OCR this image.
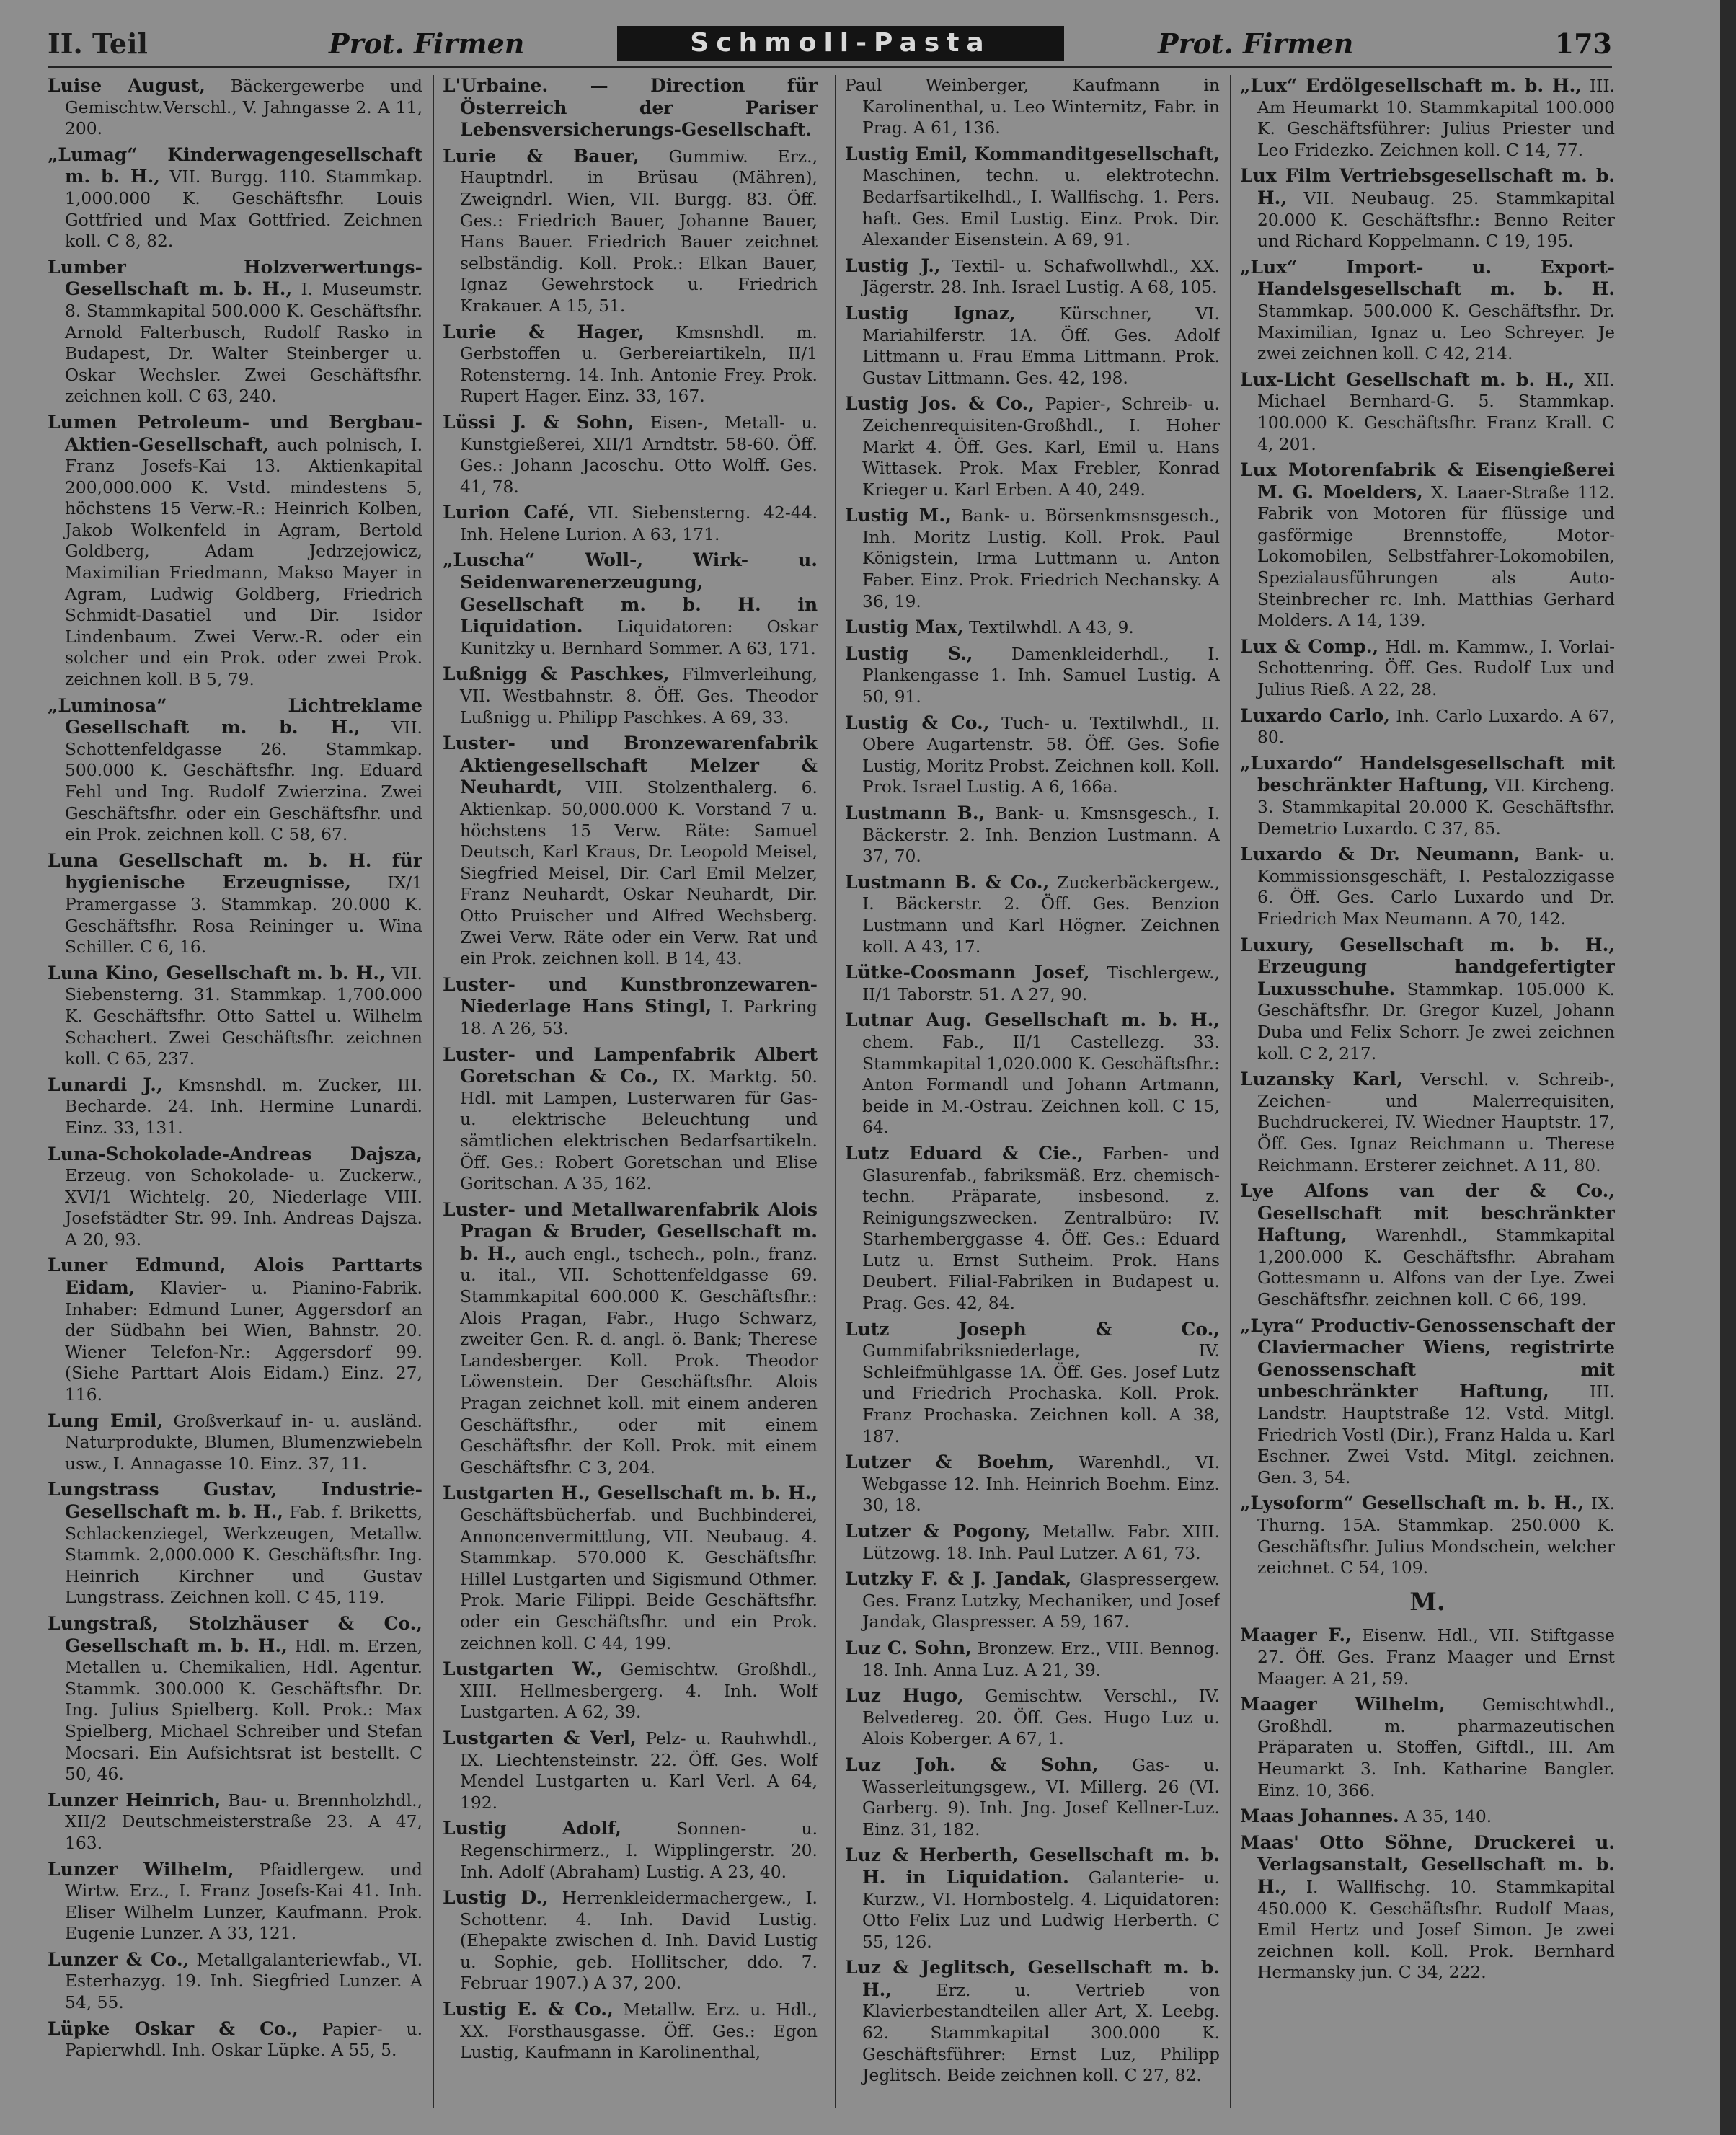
II. Teil	Prot. Firmen	Schmoll-Pasta	Prot. Firmen	173
Luise August, Bäckergewerbe und Gemischtw.Verschl., V. Jahngasse 2. A 11, 200.
„Lumag“ Kinderwagengesellschaft m. b. H., VII. Burgg. 110. Stammkap. 1,000.000 K. Geschäftsfhr. Louis Gottfried und Max Gottfried. Zeichnen koll. C 8, 82.
Lumber Holzverwertungs-Gesellschaft m. b. H., I. Museumstr. 8. Stammkapital 500.000 K. Geschäftsfhr. Arnold Falterbusch, Rudolf Rasko in Budapest, Dr. Walter Steinberger u. Oskar Wechsler. Zwei Geschäftsfhr. zeichnen koll. C 63, 240.
Lumen Petroleum- und Bergbau-Aktien-Gesellschaft, auch polnisch, I. Franz Josefs-Kai 13. Aktienkapital 200,000.000 K. Vstd. mindestens 5, höchstens 15 Verw.-R.: Heinrich Kolben, Jakob Wolkenfeld in Agram, Bertold Goldberg, Adam Jedrzejowicz, Maximilian Friedmann, Makso Mayer in Agram, Ludwig Goldberg, Friedrich Schmidt-Dasatiel und Dir. Isidor Lindenbaum. Zwei Verw.-R. oder ein solcher und ein Prok. oder zwei Prok. zeichnen koll. B 5, 79.
„Luminosa“ Lichtreklame Gesellschaft m. b. H., VII. Schottenfeldgasse 26. Stammkap. 500.000 K. Geschäftsfhr. Ing. Eduard Fehl und Ing. Rudolf Zwierzina. Zwei Geschäftsfhr. oder ein Geschäftsfhr. und ein Prok. zeichnen koll. C 58, 67.
Luna Gesellschaft m. b. H. für hygienische Erzeugnisse, IX/1 Pramergasse 3. Stammkap. 20.000 K. Geschäftsfhr. Rosa Reininger u. Wina Schiller. C 6, 16.
Luna Kino, Gesellschaft m. b. H., VII. Siebensterng. 31. Stammkap. 1,700.000 K. Geschäftsfhr. Otto Sattel u. Wilhelm Schachert. Zwei Geschäftsfhr. zeichnen koll. C 65, 237.
Lunardi J., Kmsnshdl. m. Zucker, III. Becharde. 24. Inh. Hermine Lunardi. Einz. 33, 131.
Luna-Schokolade-Andreas Dajsza, Erzeug. von Schokolade- u. Zuckerw., XVI/1 Wichtelg. 20, Niederlage VIII. Josefstädter Str. 99. Inh. Andreas Dajsza. A 20, 93.
Luner Edmund, Alois Parttarts Eidam, Klavier- u. Pianino-Fabrik. Inhaber: Edmund Luner, Aggersdorf an der Südbahn bei Wien, Bahnstr. 20. Wiener Telefon-Nr.: Aggersdorf 99. (Siehe Parttart Alois Eidam.) Einz. 27, 116.
Lung Emil, Großverkauf in- u. ausländ. Naturprodukte, Blumen, Blumenzwiebeln usw., I. Annagasse 10. Einz. 37, 11.
Lungstrass Gustav, Industrie-Gesellschaft m. b. H., Fab. f. Briketts, Schlackenziegel, Werkzeugen, Metallw. Stammk. 2,000.000 K. Geschäftsfhr. Ing. Heinrich Kirchner und Gustav Lungstrass. Zeichnen koll. C 45, 119.
Lungstraß, Stolzhäuser & Co., Gesellschaft m. b. H., Hdl. m. Erzen, Metallen u. Chemikalien, Hdl. Agentur. Stammk. 300.000 K. Geschäftsfhr. Dr. Ing. Julius Spielberg. Koll. Prok.: Max Spielberg, Michael Schreiber und Stefan Mocsari. Ein Aufsichtsrat ist bestellt. C 50, 46.
Lunzer Heinrich, Bau- u. Brennholzhdl., XII/2 Deutschmeisterstraße 23. A 47, 163.
Lunzer Wilhelm, Pfaidlergew. und Wirtw. Erz., I. Franz Josefs-Kai 41. Inh. Eliser Wilhelm Lunzer, Kaufmann. Prok. Eugenie Lunzer. A 33, 121.
Lunzer & Co., Metallgalanteriewfab., VI. Esterhazyg. 19. Inh. Siegfried Lunzer. A 54, 55.
Lüpke Oskar & Co., Papier- u. Papierwhdl. Inh. Oskar Lüpke. A 55, 5.
L'Urbaine. — Direction für Österreich der Pariser Lebensversicherungs-Gesellschaft.
Lurie & Bauer, Gummiw. Erz., Hauptndrl. in Brüsau (Mähren), Zweigndrl. Wien, VII. Burgg. 83. Öff. Ges.: Friedrich Bauer, Johanne Bauer, Hans Bauer. Friedrich Bauer zeichnet selbständig. Koll. Prok.: Elkan Bauer, Ignaz Gewehrstock u. Friedrich Krakauer. A 15, 51.
Lurie & Hager, Kmsnshdl. m. Gerbstoffen u. Gerbereiartikeln, II/1 Rotensterng. 14. Inh. Antonie Frey. Prok. Rupert Hager. Einz. 33, 167.
Lüssi J. & Sohn, Eisen-, Metall- u. Kunstgießerei, XII/1 Arndtstr. 58-60. Öff. Ges.: Johann Jacoschu. Otto Wolff. Ges. 41, 78.
Lurion Café, VII. Siebensterng. 42-44. Inh. Helene Lurion. A 63, 171.
„Luscha“ Woll-, Wirk- u. Seidenwarenerzeugung, Gesellschaft m. b. H. in Liquidation. Liquidatoren: Oskar Kunitzky u. Bernhard Sommer. A 63, 171.
Lußnigg & Paschkes, Filmverleihung, VII. Westbahnstr. 8. Öff. Ges. Theodor Lußnigg u. Philipp Paschkes. A 69, 33.
Luster- und Bronzewarenfabrik Aktiengesellschaft Melzer & Neuhardt, VIII. Stolzenthalerg. 6. Aktienkap. 50,000.000 K. Vorstand 7 u. höchstens 15 Verw. Räte: Samuel Deutsch, Karl Kraus, Dr. Leopold Meisel, Siegfried Meisel, Dir. Carl Emil Melzer, Franz Neuhardt, Oskar Neuhardt, Dir. Otto Pruischer und Alfred Wechsberg. Zwei Verw. Räte oder ein Verw. Rat und ein Prok. zeichnen koll. B 14, 43.
Luster- und Kunstbronzewaren-Niederlage Hans Stingl, I. Parkring 18. A 26, 53.
Luster- und Lampenfabrik Albert Goretschan & Co., IX. Marktg. 50. Hdl. mit Lampen, Lusterwaren für Gas- u. elektrische Beleuchtung und sämtlichen elektrischen Bedarfsartikeln. Öff. Ges.: Robert Goretschan und Elise Goritschan. A 35, 162.
Luster- und Metallwarenfabrik Alois Pragan & Bruder, Gesellschaft m. b. H., auch engl., tschech., poln., franz. u. ital., VII. Schottenfeldgasse 69. Stammkapital 600.000 K. Geschäftsfhr.: Alois Pragan, Fabr., Hugo Schwarz, zweiter Gen. R. d. angl. ö. Bank; Therese Landesberger. Koll. Prok. Theodor Löwenstein. Der Geschäftsfhr. Alois Pragan zeichnet koll. mit einem anderen Geschäftsfhr., oder mit einem Geschäftsfhr. der Koll. Prok. mit einem Geschäftsfhr. C 3, 204.
Lustgarten H., Gesellschaft m. b. H., Geschäftsbücherfab. und Buchbinderei, Annoncenvermittlung, VII. Neubaug. 4. Stammkap. 570.000 K. Geschäftsfhr. Hillel Lustgarten und Sigismund Othmer. Prok. Marie Filippi. Beide Geschäftsfhr. oder ein Geschäftsfhr. und ein Prok. zeichnen koll. C 44, 199.
Lustgarten W., Gemischtw. Großhdl., XIII. Hellmesbergerg. 4. Inh. Wolf Lustgarten. A 62, 39.
Lustgarten & Verl, Pelz- u. Rauhwhdl., IX. Liechtensteinstr. 22. Öff. Ges. Wolf Mendel Lustgarten u. Karl Verl. A 64, 192.
Lustig Adolf,	Sonnen- u. Regenschirmerz., I. Wipplingerstr. 20. Inh. Adolf (Abraham) Lustig. A 23, 40.
Lustig D., Herrenkleidermachergew., I. Schottenr. 4. Inh. David Lustig. (Ehepakte zwischen d. Inh. David Lustig u. Sophie, geb. Hollitscher, ddo. 7. Februar 1907.) A 37, 200.
Lustig E. & Co., Metallw. Erz. u. Hdl., XX. Forsthausgasse. Öff. Ges.: Egon Lustig, Kaufmann in Karolinenthal,
Paul Weinberger, Kaufmann in Karolinenthal, u. Leo Winternitz, Fabr. in Prag. A 61, 136.
Lustig Emil, Kommanditgesellschaft, Maschinen, techn. u. elektrotechn. Bedarfsartikelhdl., I. Wallfischg. 1. Pers. haft. Ges. Emil Lustig. Einz. Prok. Dir. Alexander Eisenstein. A 69, 91.
Lustig J., Textil- u. Schafwollwhdl., XX. Jägerstr. 28. Inh. Israel Lustig. A 68, 105.
Lustig Ignaz,	Kürschner, VI. Mariahilferstr. 1A. Öff. Ges. Adolf Littmann u. Frau Emma Littmann. Prok. Gustav Littmann. Ges. 42, 198.
Lustig Jos. & Co., Papier-, Schreib- u. Zeichenrequisiten-Großhdl., I. Hoher Markt 4. Öff. Ges. Karl, Emil u. Hans Wittasek. Prok. Max Frebler, Konrad Krieger u. Karl Erben. A 40, 249.
Lustig M., Bank- u. Börsenkmsnsgesch., Inh. Moritz Lustig. Koll. Prok. Paul Königstein, Irma Luttmann u. Anton Faber. Einz. Prok. Friedrich Nechansky. A 36, 19.
Lustig Max, Textilwhdl. A 43, 9.
Lustig S., Damenkleiderhdl., I. Plankengasse 1. Inh. Samuel Lustig. A 50, 91.
Lustig & Co., Tuch- u. Textilwhdl., II. Obere Augartenstr. 58. Öff. Ges. Sofie Lustig, Moritz Probst. Zeichnen koll. Koll. Prok. Israel Lustig. A 6, 166a.
Lustmann B., Bank- u. Kmsnsgesch., I. Bäckerstr. 2. Inh. Benzion Lustmann. A 37, 70.
Lustmann B. & Co., Zuckerbäckergew., I. Bäckerstr. 2. Öff. Ges. Benzion Lustmann und Karl Högner. Zeichnen koll. A 43, 17.
Lütke-Coosmann Josef, Tischlergew., II/1 Taborstr. 51. A 27, 90.
Lutnar Aug. Gesellschaft m. b. H., chem. Fab., II/1 Castellezg. 33. Stammkapital 1,020.000 K. Geschäftsfhr.: Anton Formandl und Johann Artmann, beide in M.-Ostrau. Zeichnen koll. C 15, 64.
Lutz Eduard & Cie., Farben- und Glasurenfab., fabriksmäß. Erz. chemisch-techn. Präparate, insbesond. z. Reinigungszwecken. Zentralbüro: IV. Starhemberggasse 4. Öff. Ges.: Eduard Lutz u. Ernst Sutheim. Prok. Hans Deubert. Filial-Fabriken in Budapest u. Prag. Ges. 42, 84.
Lutz Joseph & Co., Gummifabriksniederlage, IV. Schleifmühlgasse 1A. Öff. Ges. Josef Lutz und Friedrich Prochaska. Koll. Prok. Franz Prochaska. Zeichnen koll. A 38, 187.
Lutzer & Boehm, Warenhdl., VI. Webgasse 12. Inh. Heinrich Boehm. Einz. 30, 18.
Lutzer & Pogony, Metallw. Fabr. XIII. Lützowg. 18. Inh. Paul Lutzer. A 61, 73.
Lutzky F. & J. Jandak, Glaspressergew. Ges. Franz Lutzky, Mechaniker, und Josef Jandak, Glaspresser. A 59, 167.
Luz C. Sohn, Bronzew. Erz., VIII. Bennog. 18. Inh. Anna Luz. A 21, 39.
Luz Hugo, Gemischtw. Verschl., IV. Belvedereg. 20. Öff. Ges. Hugo Luz u. Alois Koberger. A 67, 1.
Luz Joh. & Sohn, Gas- u. Wasserleitungsgew., VI. Millerg. 26 (VI. Garberg. 9). Inh. Jng. Josef Kellner-Luz. Einz. 31, 182.
Luz & Herberth, Gesellschaft m. b. H. in Liquidation. Galanterie- u. Kurzw., VI. Hornbostelg. 4. Liquidatoren: Otto Felix Luz und Ludwig Herberth. C 55, 126.
Luz & Jeglitsch, Gesellschaft m. b. H.,	Erz. u. Vertrieb von Klavierbestandteilen aller Art, X. Leebg. 62. Stammkapital 300.000 K. Geschäftsführer: Ernst Luz, Philipp Jeglitsch. Beide zeichnen koll. C 27, 82.
„Lux“ Erdölgesellschaft m. b. H., III. Am Heumarkt 10. Stammkapital 100.000 K. Geschäftsführer: Julius Priester und Leo Fridezko. Zeichnen koll. C 14, 77.
Lux Film Vertriebsgesellschaft m. b. H., VII. Neubaug. 25. Stammkapital 20.000 K. Geschäftsfhr.: Benno Reiter und Richard Koppelmann. C 19, 195.
„Lux“ Import- u. Export-Handelsgesellschaft m. b. H. Stammkap. 500.000 K. Geschäftsfhr. Dr. Maximilian, Ignaz u. Leo Schreyer. Je zwei zeichnen koll. C 42, 214.
Lux-Licht Gesellschaft m. b. H., XII. Michael Bernhard-G. 5. Stammkap. 100.000 K. Geschäftsfhr. Franz Krall. C 4, 201.
Lux Motorenfabrik & Eisengießerei M. G. Moelders, X. Laaer-Straße 112. Fabrik von Motoren für flüssige und gasförmige Brennstoffe, Motor-Lokomobilen, Selbstfahrer-Lokomobilen, Spezialausführungen als Auto-Steinbrecher rc. Inh. Matthias Gerhard Molders. A 14, 139.
Lux & Comp., Hdl. m. Kammw., I. Vorlai-Schottenring. Öff. Ges. Rudolf Lux und Julius Rieß. A 22, 28.
Luxardo Carlo, Inh. Carlo Luxardo. A 67, 80.
„Luxardo“ Handelsgesellschaft mit beschränkter Haftung, VII. Kircheng. 3. Stammkapital 20.000 K. Geschäftsfhr. Demetrio Luxardo. C 37, 85.
Luxardo & Dr. Neumann, Bank- u. Kommissionsgeschäft, I. Pestalozzigasse 6. Öff. Ges. Carlo Luxardo und Dr. Friedrich Max Neumann. A 70, 142.
Luxury, Gesellschaft m. b. H., Erzeugung handgefertigter Luxusschuhe. Stammkap. 105.000 K. Geschäftsfhr. Dr. Gregor Kuzel, Johann Duba und Felix Schorr. Je zwei zeichnen koll. C 2, 217.
Luzansky Karl, Verschl. v. Schreib-, Zeichen- und Malerrequisiten, Buchdruckerei, IV. Wiedner Hauptstr. 17, Öff. Ges. Ignaz Reichmann u. Therese Reichmann. Ersterer zeichnet. A 11, 80.
Lye Alfons van der & Co., Gesellschaft mit beschränkter Haftung, Warenhdl., Stammkapital 1,200.000 K. Geschäftsfhr. Abraham Gottesmann u. Alfons van der Lye. Zwei Geschäftsfhr. zeichnen koll. C 66, 199.
„Lyra“ Productiv-Genossenschaft der Claviermacher Wiens, registrirte Genossenschaft mit unbeschränkter Haftung, III. Landstr. Hauptstraße 12. Vstd. Mitgl. Friedrich Vostl (Dir.), Franz Halda u. Karl Eschner. Zwei Vstd. Mitgl. zeichnen. Gen. 3, 54.
„Lysoform“ Gesellschaft m. b. H., IX. Thurng. 15A. Stammkap. 250.000 K. Geschäftsfhr. Julius Mondschein, welcher zeichnet. C 54, 109.
M.
Maager F., Eisenw. Hdl., VII. Stiftgasse 27. Öff. Ges. Franz Maager und Ernst Maager. A 21, 59.
Maager Wilhelm, Gemischtwhdl., Großhdl. m. pharmazeutischen Präparaten u. Stoffen, Giftdl., III. Am Heumarkt 3. Inh. Katharine Bangler. Einz. 10, 366.
Maas Johannes. A 35, 140.
Maas' Otto Söhne, Druckerei u. Verlagsanstalt, Gesellschaft m. b. H., I. Wallfischg. 10. Stammkapital 450.000 K. Geschäftsfhr. Rudolf Maas, Emil Hertz und Josef Simon. Je zwei zeichnen koll. Koll. Prok. Bernhard Hermansky jun. C 34, 222.
